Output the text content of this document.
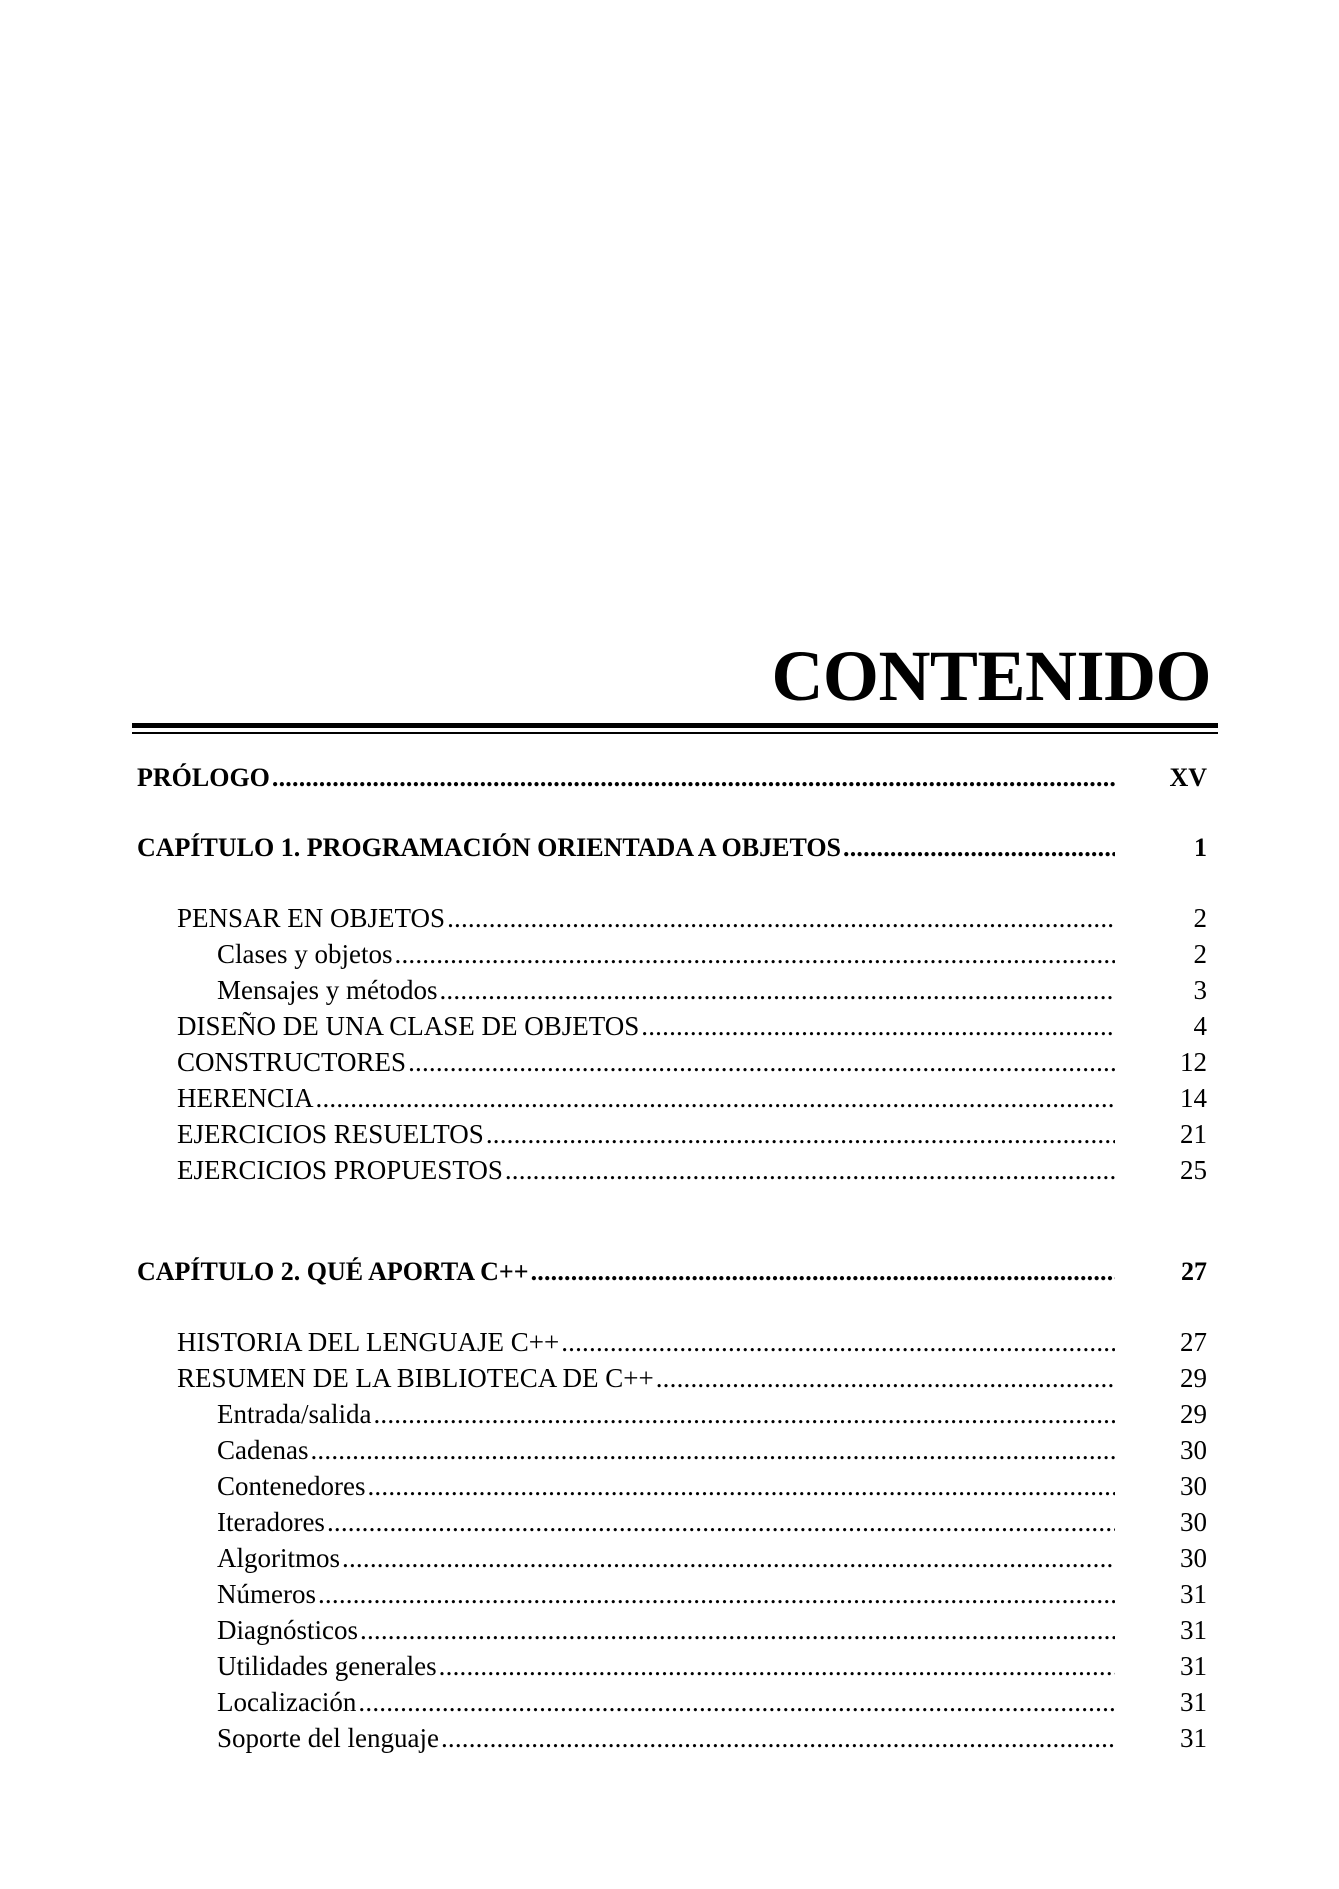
CONTENIDO
PRÓLOGO .....	XV
CAPÍTULO 1. PROGRAMACIÓN ORIENTADA A OBJETOS .....	1
PENSAR EN OBJETOS .....	2
Clases y objetos .....	2
Mensajes y métodos .....	3
DISEÑO DE UNA CLASE DE OBJETOS .....	4
CONSTRUCTORES .....	12
HERENCIA .....	14
EJERCICIOS RESUELTOS .....	21
EJERCICIOS PROPUESTOS .....	25
CAPÍTULO 2. QUÉ APORTA C++ .....	27
HISTORIA DEL LENGUAJE C++ .....	27
RESUMEN DE LA BIBLIOTECA DE C++ .....	29
Entrada/salida .....	29
Cadenas .....	30
Contenedores .....	30
Iteradores .....	30
Algoritmos .....	30
Números .....	31
Diagnósticos .....	31
Utilidades generales .....	31
Localización .....	31
Soporte del lenguaje .....	31
